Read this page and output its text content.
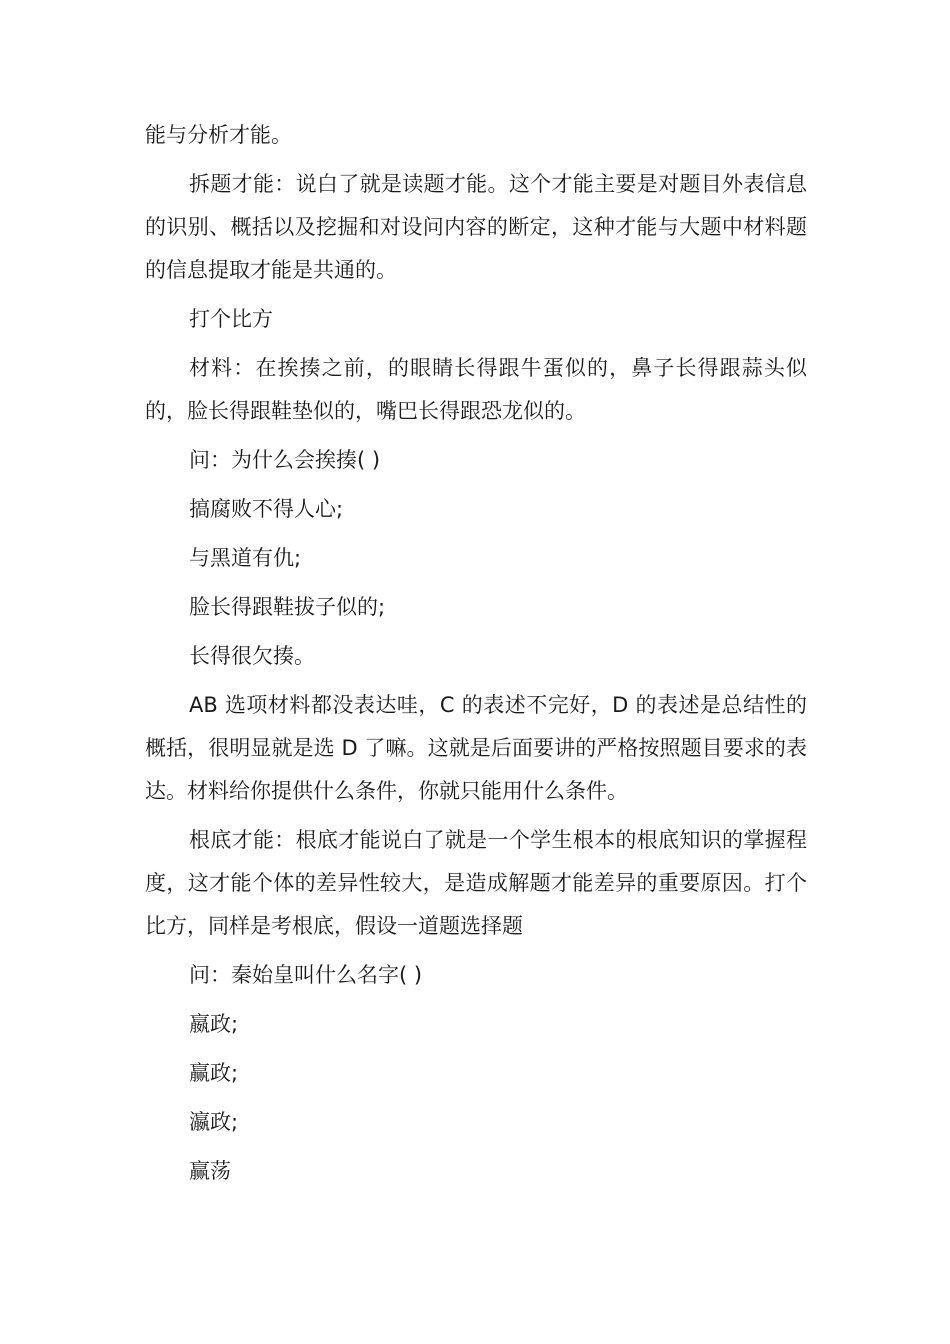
能与分析才能。

拆题才能：说白了就是读题才能。这个才能主要是对题目外表信息的识别、概括以及挖掘和对设问内容的断定，这种才能与大题中材料题的信息提取才能是共通的。

打个比方

材料：在挨揍之前，的眼睛长得跟牛蛋似的，鼻子长得跟蒜头似的，脸长得跟鞋垫似的，嘴巴长得跟恐龙似的。

问：为什么会挨揍( )

搞腐败不得人心;

与黑道有仇;

脸长得跟鞋拔子似的;

长得很欠揍。

AB 选项材料都没表达哇，C 的表述不完好，D 的表述是总结性的概括，很明显就是选 D 了嘛。这就是后面要讲的严格按照题目要求的表达。材料给你提供什么条件，你就只能用什么条件。

根底才能：根底才能说白了就是一个学生根本的根底知识的掌握程度，这才能个体的差异性较大，是造成解题才能差异的重要原因。打个比方，同样是考根底，假设一道题选择题

问：秦始皇叫什么名字( )

嬴政;

赢政;

瀛政;

赢荡
